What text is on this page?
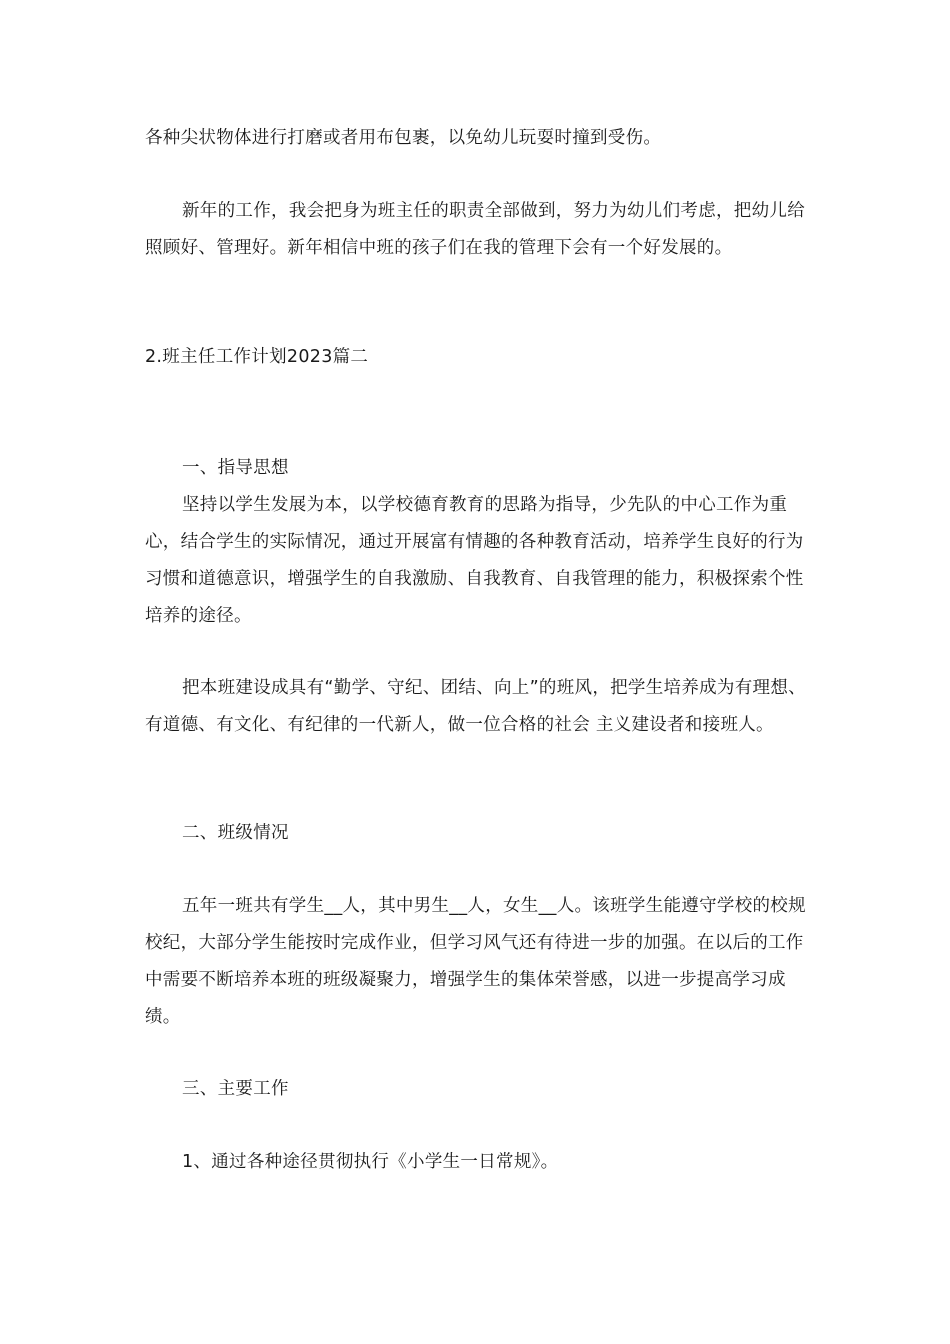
各种尖状物体进行打磨或者用布包裹，以免幼儿玩耍时撞到受伤。

新年的工作，我会把身为班主任的职责全部做到，努力为幼儿们考虑，把幼儿给照顾好、管理好。新年相信中班的孩子们在我的管理下会有一个好发展的。

2.班主任工作计划2023篇二

一、指导思想

坚持以学生发展为本，以学校德育教育的思路为指导，少先队的中心工作为重心，结合学生的实际情况，通过开展富有情趣的各种教育活动，培养学生良好的行为习惯和道德意识，增强学生的自我激励、自我教育、自我管理的能力，积极探索个性培养的途径。

把本班建设成具有“勤学、守纪、团结、向上”的班风，把学生培养成为有理想、有道德、有文化、有纪律的一代新人，做一位合格的社会 主义建设者和接班人。

二、班级情况

五年一班共有学生__人，其中男生__人，女生__人。该班学生能遵守学校的校规校纪，大部分学生能按时完成作业，但学习风气还有待进一步的加强。在以后的工作中需要不断培养本班的班级凝聚力，增强学生的集体荣誉感，以进一步提高学习成绩。

三、主要工作

1、通过各种途径贯彻执行《小学生一日常规》。
